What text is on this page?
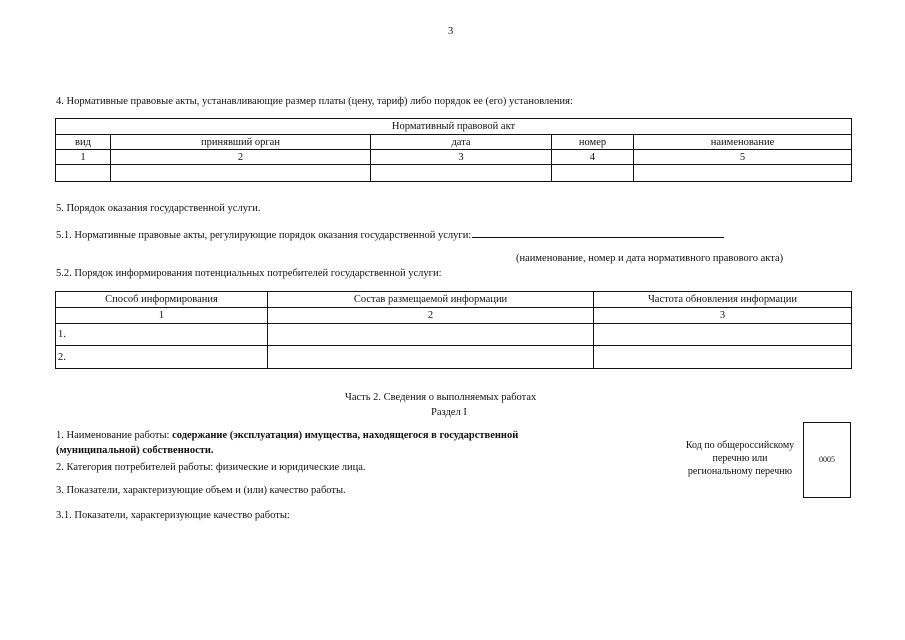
3
4. Нормативные правовые акты, устанавливающие размер платы (цену, тариф) либо порядок ее (его) установления:
Нормативный правовой акт				
вид	принявший орган	дата	номер	наименование
1	2	3	4	5

5. Порядок оказания государственной услуги.
5.1. Нормативные правовые акты, регулирующие порядок оказания государственной услуги:
(наименование, номер и дата нормативного правового акта)
5.2. Порядок информирования потенциальных потребителей государственной услуги:
Способ информирования	Состав размещаемой информации	Частота обновления информации
1	2	3
1.		
2.		
Часть 2. Сведения о выполняемых работах
Раздел I
1. Наименование работы: содержание (эксплуатация) имущества, находящегося в государственной
(муниципальной) собственности.
2. Категория потребителей работы: физические и юридические лица.
3. Показатели, характеризующие объем и (или) качество работы.
3.1. Показатели, характеризующие качество работы:
Код по общероссийскому
перечню или
региональному перечню
0005
